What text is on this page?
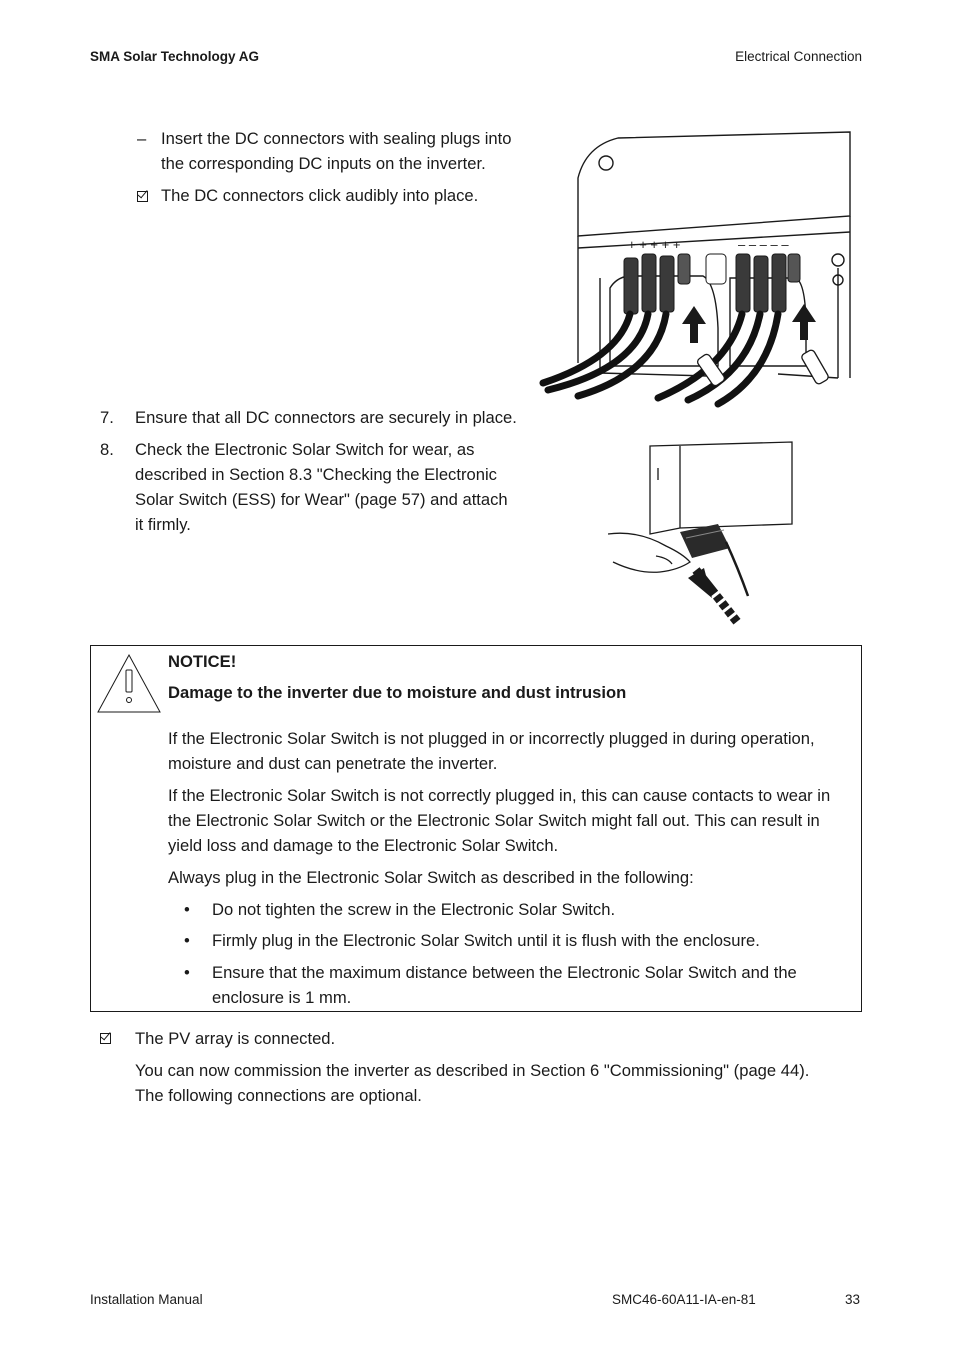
SMA Solar Technology AG	Electrical Connection
– Insert the DC connectors with sealing plugs into
the corresponding DC inputs on the inverter.
The DC connectors click audibly into place.
+ + + + +	– – – – –
7. Ensure that all DC connectors are securely in place.
8. Check the Electronic Solar Switch for wear, as
described in Section 8.3 "Checking the Electronic
Solar Switch (ESS) for Wear" (page 57) and attach
it firmly.
NOTICE!
Damage to the inverter due to moisture and dust intrusion
If the Electronic Solar Switch is not plugged in or incorrectly plugged in during operation,
moisture and dust can penetrate the inverter.
If the Electronic Solar Switch is not correctly plugged in, this can cause contacts to wear in
the Electronic Solar Switch or the Electronic Solar Switch might fall out. This can result in
yield loss and damage to the Electronic Solar Switch.
Always plug in the Electronic Solar Switch as described in the following:
• Do not tighten the screw in the Electronic Solar Switch.
• Firmly plug in the Electronic Solar Switch until it is flush with the enclosure.
• Ensure that the maximum distance between the Electronic Solar Switch and the
enclosure is 1 mm.
The PV array is connected.
You can now commission the inverter as described in Section 6 "Commissioning" (page 44).
The following connections are optional.
Installation Manual	SMC46-60A11-IA-en-81	33
